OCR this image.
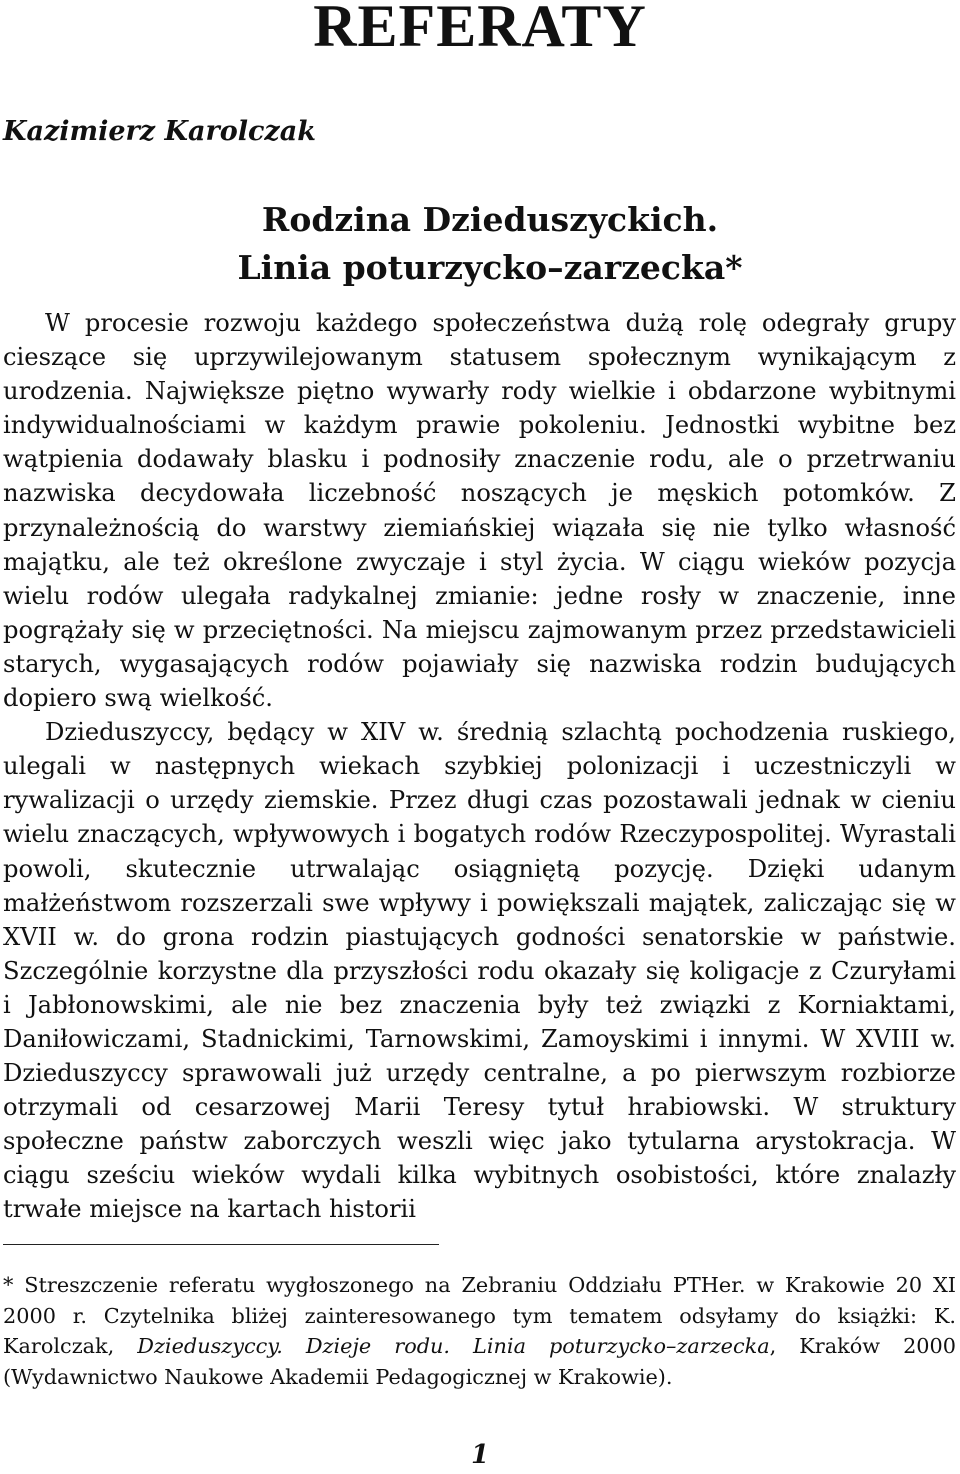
REFERATY
Kazimierz Karolczak
Rodzina Dzieduszyckich.
Linia poturzycko–zarzecka*

W procesie rozwoju każdego społeczeństwa dużą rolę odegrały grupy cieszące się uprzywilejowanym statusem społecznym wynikającym z urodzenia. Największe piętno wywarły rody wielkie i obdarzone wybitnymi indywidualnościami w każdym prawie pokoleniu. Jednostki wybitne bez wątpienia dodawały blasku i podnosiły znaczenie rodu, ale o przetrwaniu nazwiska decydowała liczebność noszących je męskich potomków. Z przynależnością do warstwy ziemiańskiej wiązała się nie tylko własność majątku, ale też określone zwyczaje i styl życia. W ciągu wieków pozycja wielu rodów ulegała radykalnej zmianie: jedne rosły w znaczenie, inne pogrążały się w przeciętności. Na miejscu zajmowanym przez przedstawicieli starych, wygasających rodów pojawiały się nazwiska rodzin budujących dopiero swą wielkość.

Dzieduszyccy, będący w XIV w. średnią szlachtą pochodzenia ruskiego, ulegali w następnych wiekach szybkiej polonizacji i uczestniczyli w rywalizacji o urzędy ziemskie. Przez długi czas pozostawali jednak w cieniu wielu znaczących, wpływowych i bogatych rodów Rzeczypospolitej. Wyrastali powoli, skutecznie utrwalając osiągniętą pozycję. Dzięki udanym małżeństwom rozszerzali swe wpływy i powiększali majątek, zaliczając się w XVII w. do grona rodzin piastujących godności senatorskie w państwie. Szczególnie korzystne dla przyszłości rodu okazały się koligacje z Czuryłami i Jabłonowskimi, ale nie bez znaczenia były też związki z Korniaktami, Daniłowiczami, Stadnickimi, Tarnowskimi, Zamoyskimi i innymi. W XVIII w. Dzieduszyccy sprawowali już urzędy centralne, a po pierwszym rozbiorze otrzymali od cesarzowej Marii Teresy tytuł hrabiowski. W struktury społeczne państw zaborczych weszli więc jako tytularna arystokracja. W ciągu sześciu wieków wydali kilka wybitnych osobistości, które znalazły trwałe miejsce na kartach historii

* Streszczenie referatu wygłoszonego na Zebraniu Oddziału PTHer. w Krakowie 20 XI 2000 r. Czytelnika bliżej zainteresowanego tym tematem odsyłamy do książki: K. Karolczak, Dzieduszyccy. Dzieje rodu. Linia poturzycko–zarzecka, Kraków 2000 (Wydawnictwo Naukowe Akademii Pedagogicznej w Krakowie).

1
